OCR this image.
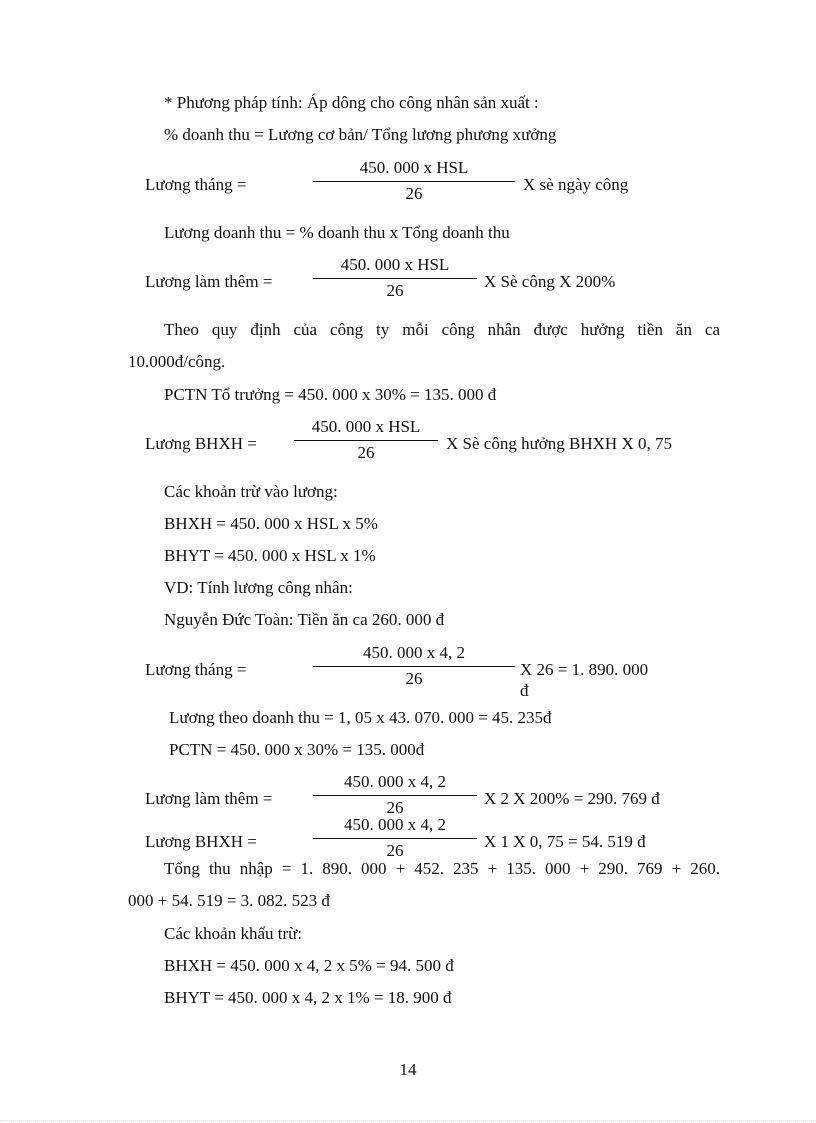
* Phương pháp tính: Áp dông cho công nhân sản xuất :
% doanh thu = Lương cơ bản/ Tổng lương phương xưởng
Lương tháng =
450. 000 x HSL
26	X sè ngày công
Lương doanh thu = % doanh thu x Tổng doanh thu
Lương làm thêm =
450. 000 x HSL
26	X Sè công X 200%
Theo quy định của công ty mỗi công nhân được hưởng tiền ăn ca
10.000đ/công.
PCTN Tổ trưởng = 450. 000 x 30% = 135. 000 đ
Lương BHXH =
450. 000 x HSL
26	X Sè công hưởng BHXH X 0, 75
Các khoản trừ vào lương:
BHXH = 450. 000 x HSL x 5%
BHYT = 450. 000 x HSL x 1%
VD: Tính lương công nhân:
Nguyễn Đức Toàn: Tiền ăn ca 260. 000 đ
Lương tháng =
450. 000 x 4, 2
26	X 26 = 1. 890. 000
đ
Lương theo doanh thu = 1, 05 x 43. 070. 000 = 45. 235đ
PCTN = 450. 000 x 30% = 135. 000đ
Lương làm thêm =
450. 000 x 4, 2
26	X 2 X 200% = 290. 769 đ
Lương BHXH =
450. 000 x 4, 2
26	X 1 X 0, 75 = 54. 519 đ
Tổng thu nhập = 1. 890. 000 + 452. 235 + 135. 000 + 290. 769 + 260.
000 + 54. 519 = 3. 082. 523 đ
Các khoản khấu trừ:
BHXH = 450. 000 x 4, 2 x 5% = 94. 500 đ
BHYT = 450. 000 x 4, 2 x 1% = 18. 900 đ
14
